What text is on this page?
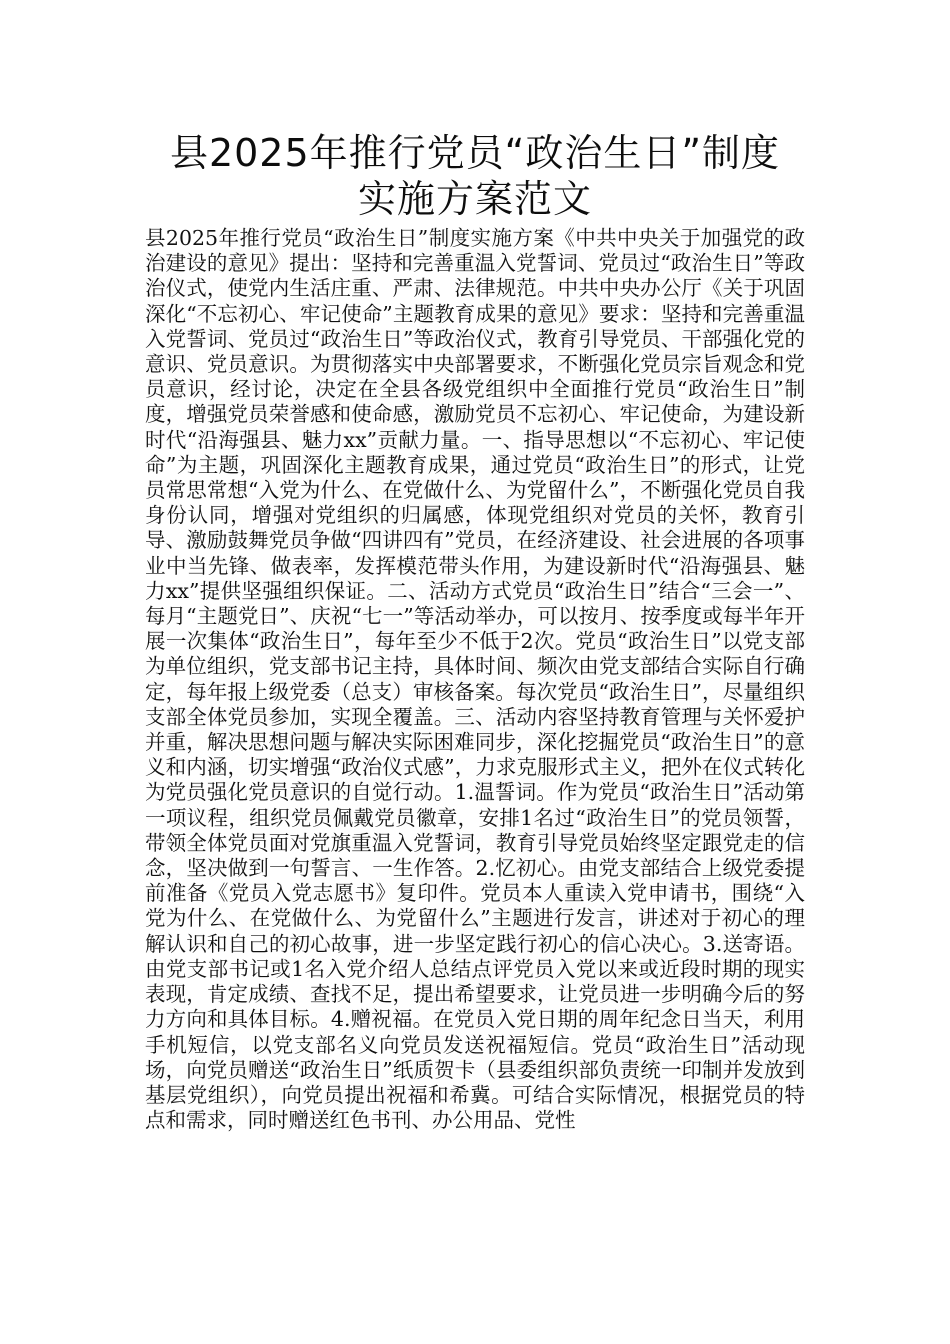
县2025年推行党员“政治生日”制度
实施方案范文
县2025年推行党员“政治生日”制度实施方案《中共中央关于加强党的政治建设的意见》提出：坚持和完善重温入党誓词、党员过“政治生日”等政治仪式，使党内生活庄重、严肃、法律规范。中共中央办公厅《关于巩固深化“不忘初心、牢记使命”主题教育成果的意见》要求：坚持和完善重温入党誓词、党员过“政治生日”等政治仪式，教育引导党员、干部强化党的意识、党员意识。为贯彻落实中央部署要求，不断强化党员宗旨观念和党员意识，经讨论，决定在全县各级党组织中全面推行党员“政治生日”制度，增强党员荣誉感和使命感，激励党员不忘初心、牢记使命，为建设新时代“沿海强县、魅力xx”贡献力量。一、指导思想以“不忘初心、牢记使命”为主题，巩固深化主题教育成果，通过党员“政治生日”的形式，让党员常思常想“入党为什么、在党做什么、为党留什么”，不断强化党员自我身份认同，增强对党组织的归属感，体现党组织对党员的关怀，教育引导、激励鼓舞党员争做“四讲四有”党员，在经济建设、社会进展的各项事业中当先锋、做表率，发挥模范带头作用，为建设新时代“沿海强县、魅力xx”提供坚强组织保证。二、活动方式党员“政治生日”结合“三会一”、每月“主题党日”、庆祝“七一”等活动举办，可以按月、按季度或每半年开展一次集体“政治生日”，每年至少不低于2次。党员“政治生日”以党支部为单位组织，党支部书记主持，具体时间、频次由党支部结合实际自行确定，每年报上级党委（总支）审核备案。每次党员“政治生日”，尽量组织支部全体党员参加，实现全覆盖。三、活动内容坚持教育管理与关怀爱护并重，解决思想问题与解决实际困难同步，深化挖掘党员“政治生日”的意义和内涵，切实增强“政治仪式感”，力求克服形式主义，把外在仪式转化为党员强化党员意识的自觉行动。1.温誓词。作为党员“政治生日”活动第一项议程，组织党员佩戴党员徽章，安排1名过“政治生日”的党员领誓，带领全体党员面对党旗重温入党誓词，教育引导党员始终坚定跟党走的信念，坚决做到一句誓言、一生作答。2.忆初心。由党支部结合上级党委提前准备《党员入党志愿书》复印件。党员本人重读入党申请书，围绕“入党为什么、在党做什么、为党留什么”主题进行发言，讲述对于初心的理解认识和自己的初心故事，进一步坚定践行初心的信心决心。3.送寄语。由党支部书记或1名入党介绍人总结点评党员入党以来或近段时期的现实表现，肯定成绩、查找不足，提出希望要求，让党员进一步明确今后的努力方向和具体目标。4.赠祝福。在党员入党日期的周年纪念日当天，利用手机短信，以党支部名义向党员发送祝福短信。党员“政治生日”活动现场，向党员赠送“政治生日”纸质贺卡（县委组织部负责统一印制并发放到基层党组织），向党员提出祝福和希冀。可结合实际情况，根据党员的特点和需求，同时赠送红色书刊、办公用品、党性
